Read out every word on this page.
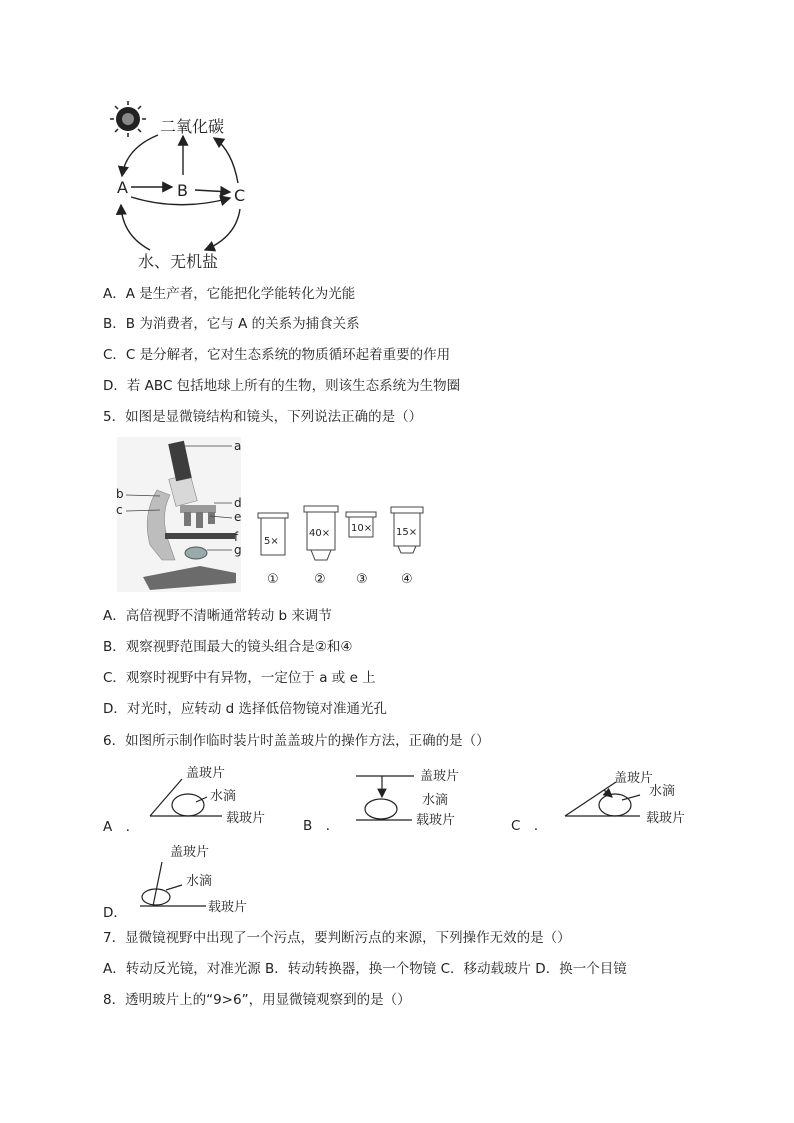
二氧化碳
A	B	C
水、无机盐
A．A 是生产者，它能把化学能转化为光能
B．B 为消费者，它与 A 的关系为捕食关系
C．C 是分解者，它对生态系统的物质循环起着重要的作用
D．若 ABC 包括地球上所有的生物，则该生态系统为生物圈
5．如图是显微镜结构和镜头，下列说法正确的是（）
a
b
c	d
e
f
g
5×
40× 10× 15×
①	② ③	④
A．高倍视野不清晰通常转动 b 来调节
B．观察视野范围最大的镜头组合是②和④
C．观察时视野中有异物，一定位于 a 或 e 上
D．对光时，应转动 d 选择低倍物镜对准通光孔
6．如图所示制作临时装片时盖盖玻片的操作方法，正确的是（）
盖玻片
水滴
载玻片
盖玻片
水滴
载玻片
盖玻片
水滴
载玻片
盖玻片
水滴
载玻片
A　．	B　．	C　．
D．
7．显微镜视野中出现了一个污点，要判断污点的来源，下列操作无效的是（）
A．转动反光镜，对准光源 B．转动转换器，换一个物镜 C．移动载玻片 D．换一个目镜
8．透明玻片上的“9>6”，用显微镜观察到的是（）
